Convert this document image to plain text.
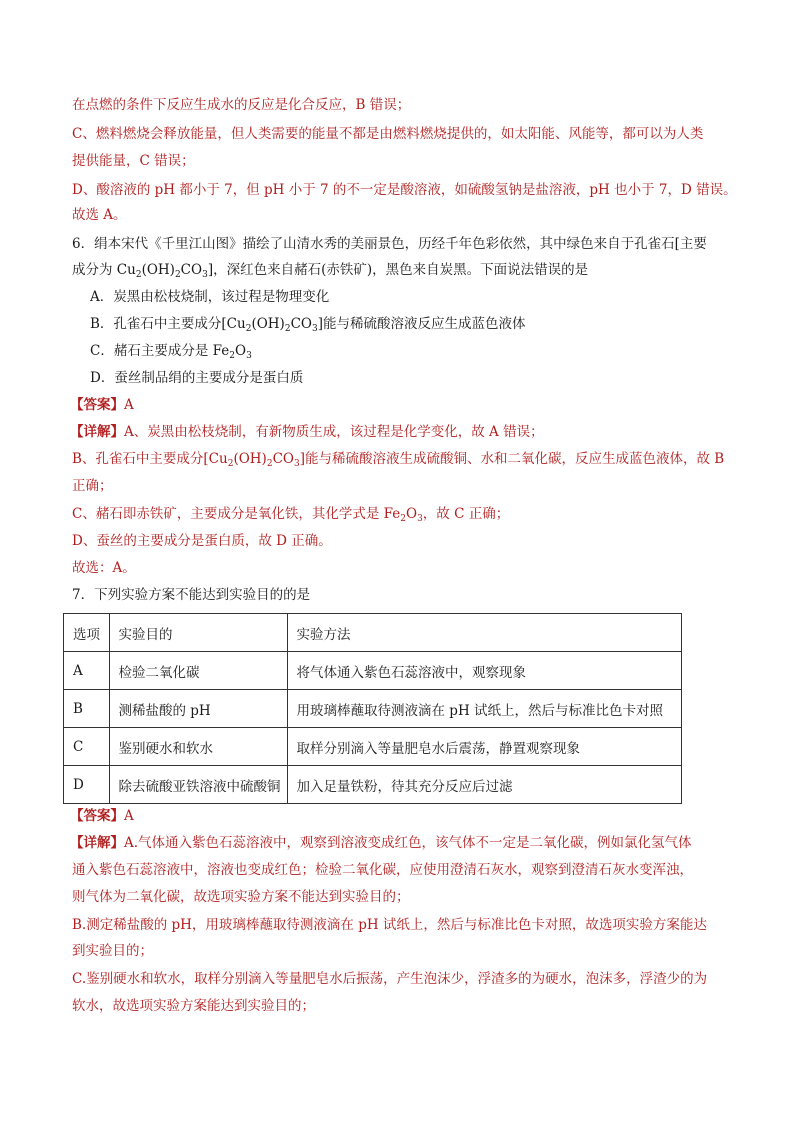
在点燃的条件下反应生成水的反应是化合反应，B 错误；
C、燃料燃烧会释放能量，但人类需要的能量不都是由燃料燃烧提供的，如太阳能、风能等，都可以为人类
提供能量，C 错误；
D、酸溶液的 pH 都小于 7，但 pH 小于 7 的不一定是酸溶液，如硫酸氢钠是盐溶液，pH 也小于 7，D 错误。
故选 A。
6．绢本宋代《千里江山图》描绘了山清水秀的美丽景色，历经千年色彩依然，其中绿色来自于孔雀石[主要
成分为 $Cu_2(OH)_2CO_3$]，深红色来自赭石(赤铁矿)，黑色来自炭黑。下面说法错误的是
A．炭黑由松枝烧制，该过程是物理变化
B．孔雀石中主要成分$[Cu_2(OH)_2CO_3]$能与稀硫酸溶液反应生成蓝色液体
C．赭石主要成分是 $Fe_2O_3$
D．蚕丝制品绢的主要成分是蛋白质
【答案】A
【详解】A、炭黑由松枝烧制，有新物质生成，该过程是化学变化，故 A 错误；
B、孔雀石中主要成分$[Cu_2(OH)_2CO_3]$能与稀硫酸溶液生成硫酸铜、水和二氧化碳，反应生成蓝色液体，故 B
正确；
C、赭石即赤铁矿，主要成分是氧化铁，其化学式是 $Fe_2O_3$，故 C 正确；
D、蚕丝的主要成分是蛋白质，故 D 正确。
故选：A。
7．下列实验方案不能达到实验目的的是
选项	实验目的	实验方法
A	检验二氧化碳	将气体通入紫色石蕊溶液中，观察现象
B	测稀盐酸的 pH	用玻璃棒蘸取待测液滴在 pH 试纸上，然后与标准比色卡对照
C	鉴别硬水和软水	取样分别滴入等量肥皂水后震荡，静置观察现象
D	除去硫酸亚铁溶液中硫酸铜	加入足量铁粉，待其充分反应后过滤
【答案】A
【详解】A.气体通入紫色石蕊溶液中，观察到溶液变成红色，该气体不一定是二氧化碳，例如氯化氢气体
通入紫色石蕊溶液中，溶液也变成红色；检验二氧化碳，应使用澄清石灰水，观察到澄清石灰水变浑浊，
则气体为二氧化碳，故选项实验方案不能达到实验目的；
B.测定稀盐酸的 pH，用玻璃棒蘸取待测液滴在 pH 试纸上，然后与标准比色卡对照，故选项实验方案能达
到实验目的；
C.鉴别硬水和软水，取样分别滴入等量肥皂水后振荡，产生泡沫少，浮渣多的为硬水，泡沫多，浮渣少的为
软水，故选项实验方案能达到实验目的；
